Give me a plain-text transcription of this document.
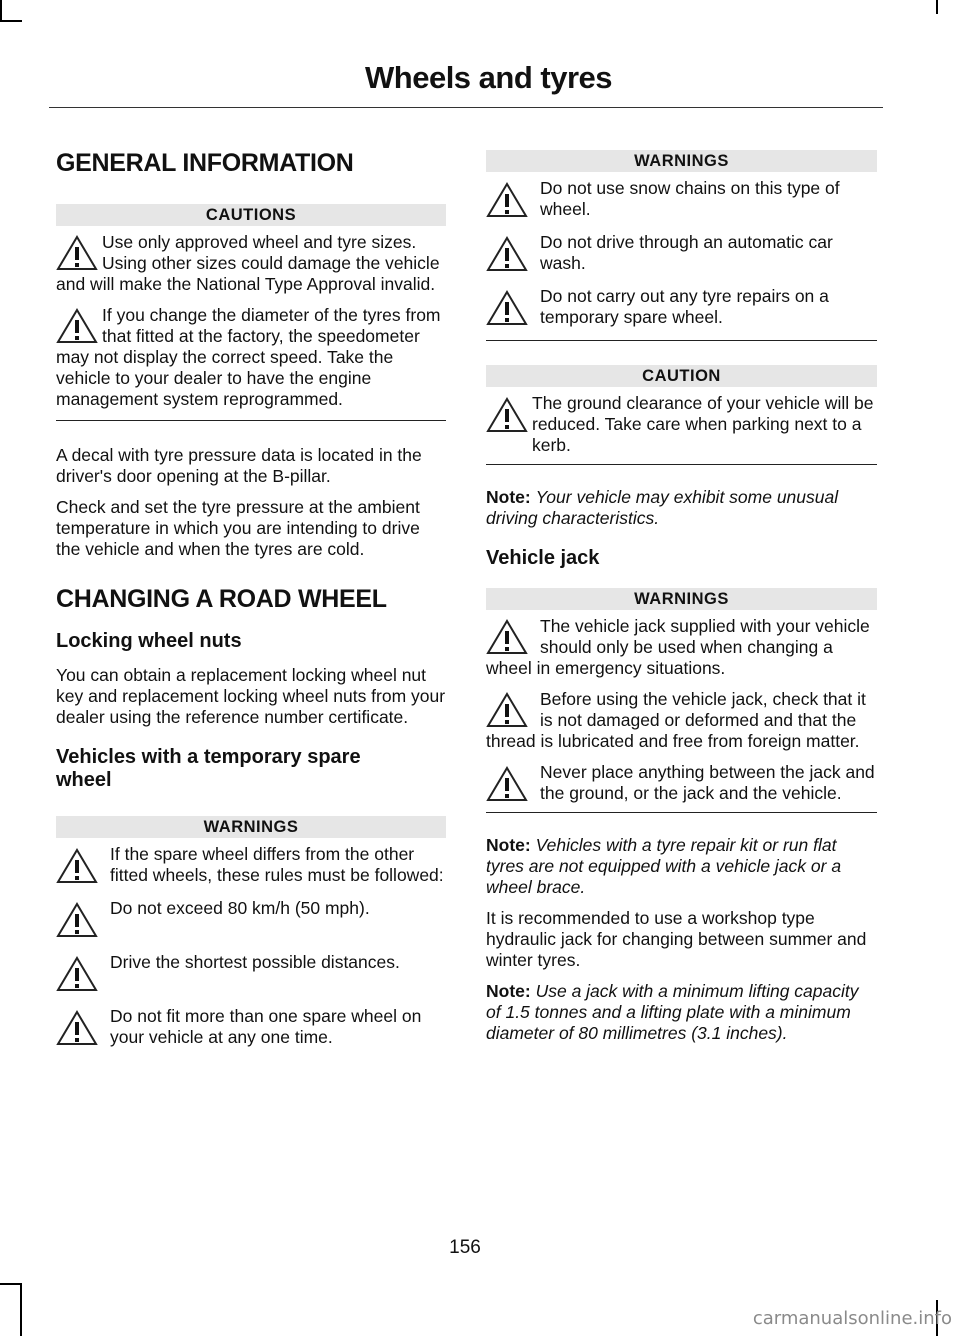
Wheels and tyres
GENERAL INFORMATION
CAUTIONS
Use only approved wheel and tyre sizes. Using other sizes could damage the vehicle and will make the National Type Approval invalid.
If you change the diameter of the tyres from that fitted at the factory, the speedometer may not display the correct speed. Take the vehicle to your dealer to have the engine management system reprogrammed.

A decal with tyre pressure data is located in the driver's door opening at the B-pillar.

Check and set the tyre pressure at the ambient temperature in which you are intending to drive the vehicle and when the tyres are cold.

CHANGING A ROAD WHEEL
Locking wheel nuts

You can obtain a replacement locking wheel nut key and replacement locking wheel nuts from your dealer using the reference number certificate.

Vehicles with a temporary spare wheel
WARNINGS
If the spare wheel differs from the other fitted wheels, these rules must be followed:
Do not exceed 80 km/h (50 mph).
Drive the shortest possible distances.
Do not fit more than one spare wheel on your vehicle at any one time.
WARNINGS
Do not use snow chains on this type of wheel.
Do not drive through an automatic car wash.
Do not carry out any tyre repairs on a temporary spare wheel.
CAUTION
The ground clearance of your vehicle will be reduced. Take care when parking next to a kerb.

Note: Your vehicle may exhibit some unusual driving characteristics.

Vehicle jack
WARNINGS
The vehicle jack supplied with your vehicle should only be used when changing a wheel in emergency situations.
Before using the vehicle jack, check that it is not damaged or deformed and that the thread is lubricated and free from foreign matter.
Never place anything between the jack and the ground, or the jack and the vehicle.

Note: Vehicles with a tyre repair kit or run flat tyres are not equipped with a vehicle jack or a wheel brace.

It is recommended to use a workshop type hydraulic jack for changing between summer and winter tyres.

Note: Use a jack with a minimum lifting capacity of 1.5 tonnes and a lifting plate with a minimum diameter of 80 millimetres (3.1 inches).

156
carmanualsonline.info
